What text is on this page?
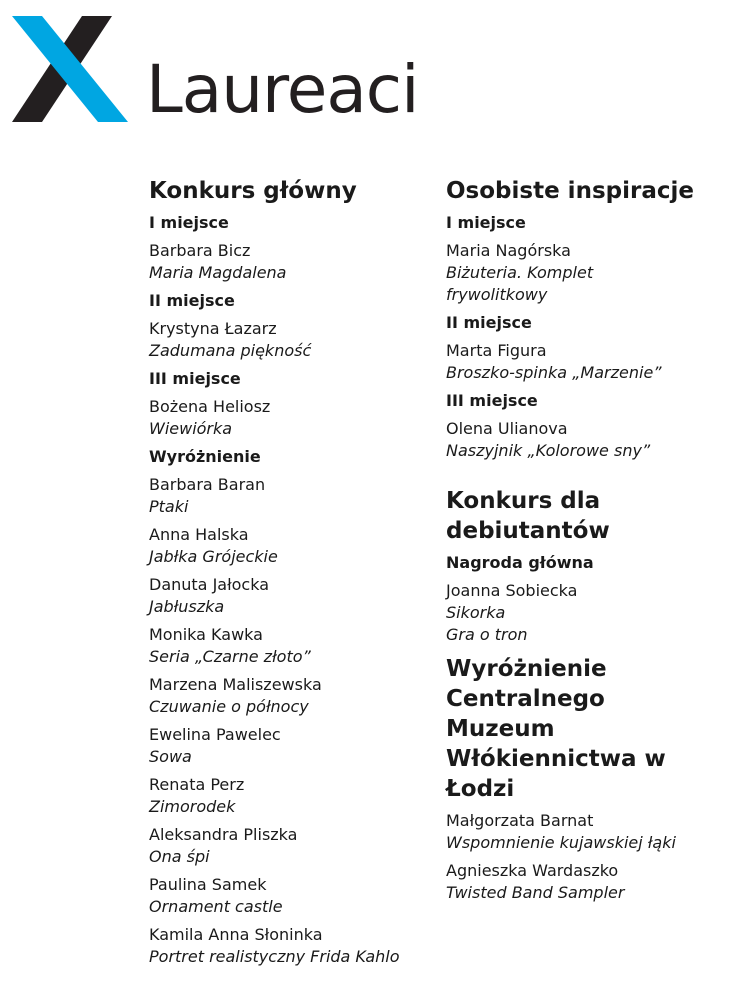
Laureaci
Konkurs główny
I miejsce
Barbara Bicz
Maria Magdalena
II miejsce
Krystyna Łazarz
Zadumana piękność
III miejsce
Bożena Heliosz
Wiewiórka
Wyróżnienie
Barbara Baran
Ptaki
Anna Halska
Jabłka Grójeckie
Danuta Jałocka
Jabłuszka
Monika Kawka
Seria „Czarne złoto”
Marzena Maliszewska
Czuwanie o północy
Ewelina Pawelec
Sowa
Renata Perz
Zimorodek
Aleksandra Pliszka
Ona śpi
Paulina Samek
Ornament castle
Kamila Anna Słoninka
Portret realistyczny Frida Kahlo
Osobiste inspiracje
I miejsce
Maria Nagórska
Biżuteria. Komplet frywolitkowy
II miejsce
Marta Figura
Broszko-spinka „Marzenie”
III miejsce
Olena Ulianova
Naszyjnik „Kolorowe sny”
Konkurs dla debiutantów
Nagroda główna
Joanna Sobiecka
Sikorka
Gra o tron
Wyróżnienie Centralnego Muzeum Włókiennictwa w Łodzi
Małgorzata Barnat
Wspomnienie kujawskiej łąki
Agnieszka Wardaszko
Twisted Band Sampler
